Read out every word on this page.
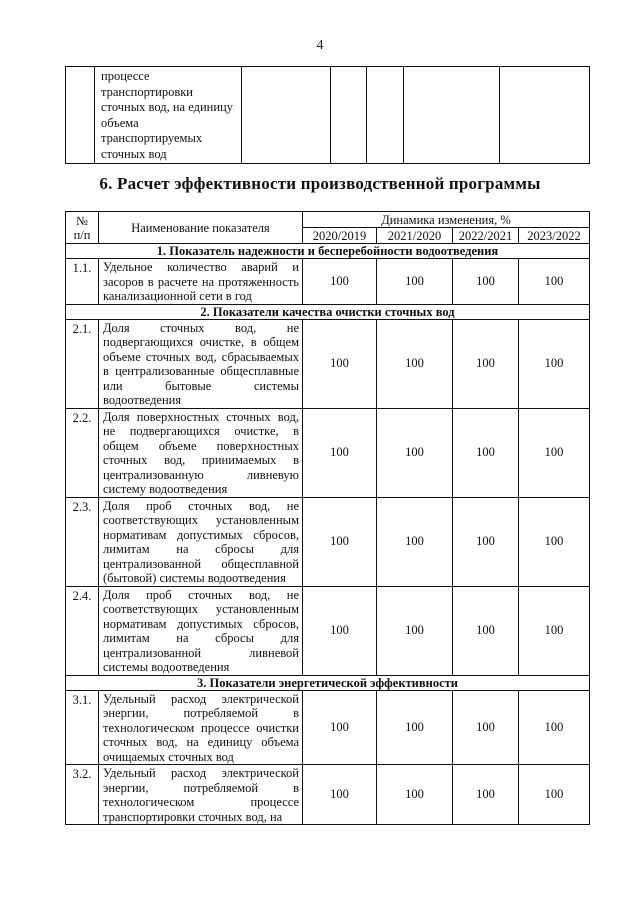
4

процессе транспортировки сточных вод, на единицу объема транспортируемых сточных вод

6. Расчет эффективности производственной программы
№
п/п	Наименование показателя	Динамика изменения, %			
		2020/2019	2021/2020	2022/2021	2023/2022
1. Показатель надежности и бесперебойности водоотведения					
1.1.	Удельное количество аварий и засоров в расчете на протяженность канализационной сети в год	100	100	100	100
2. Показатели качества очистки сточных вод					
2.1.	Доля сточных вод, не подвергающихся очистке, в общем объеме сточных вод, сбрасываемых в централизованные общесплавные или бытовые системы водоотведения	100	100	100	100
2.2.	Доля поверхностных сточных вод, не подвергающихся очистке, в общем объеме поверхностных сточных вод, принимаемых в централизованную ливневую систему водоотведения	100	100	100	100
2.3.	Доля проб сточных вод, не соответствующих установленным нормативам допустимых сбросов, лимитам на сбросы для централизованной общесплавной (бытовой) системы водоотведения	100	100	100	100
2.4.	Доля проб сточных вод, не соответствующих установленным нормативам допустимых сбросов, лимитам на сбросы для централизованной ливневой системы водоотведения	100	100	100	100
3. Показатели энергетической эффективности					
3.1.	Удельный расход электрической энергии, потребляемой в технологическом процессе очистки сточных вод, на единицу объема очищаемых сточных вод	100	100	100	100
3.2.	Удельный расход электрической энергии, потребляемой в технологическом процессе транспортировки сточных вод, на	100	100	100	100
